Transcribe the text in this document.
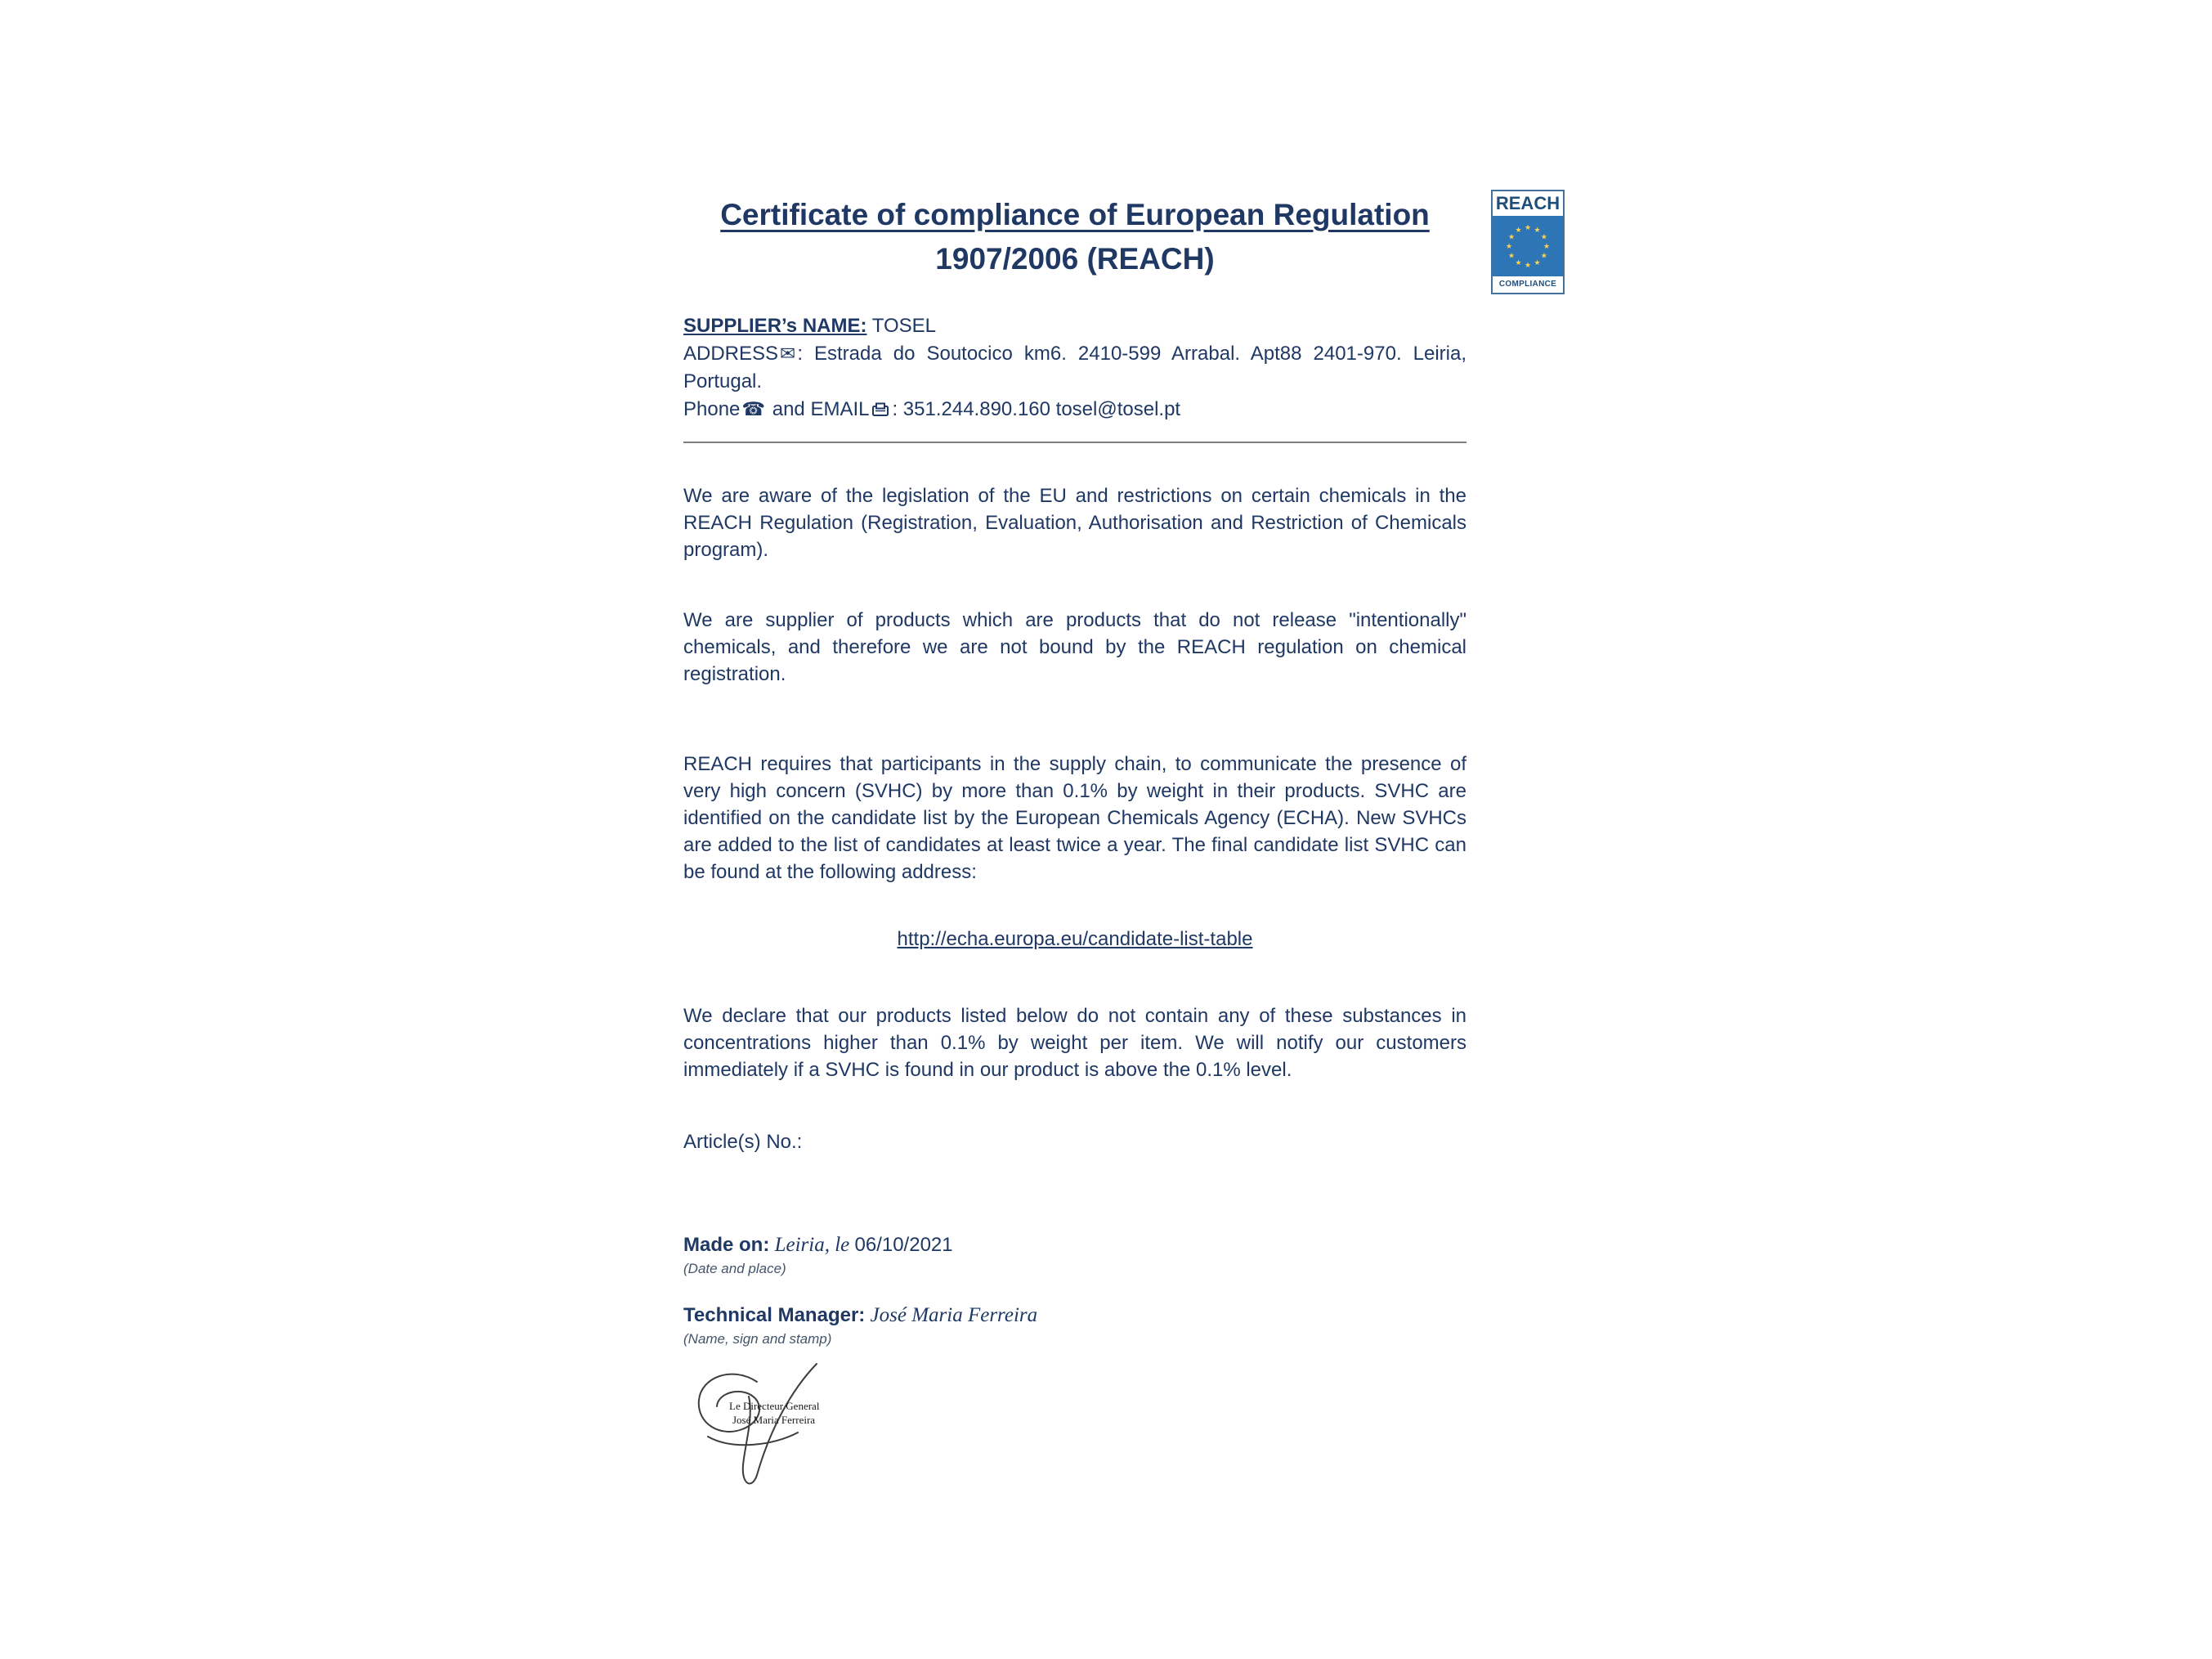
REACH
★
★
★
★
★
★
★
★
★ ★ ★
★
COMPLIANCE
Certificate of compliance of European Regulation
1907/2006 (REACH)

SUPPLIER’s NAME: TOSEL

ADDRESS✉: Estrada do Soutocico km6. 2410-599 Arrabal. Apt88 2401-970. Leiria, Portugal.

Phone☎ and EMAIL : 351.244.890.160 tosel@tosel.pt

We are aware of the legislation of the EU and restrictions on certain chemicals in the REACH Regulation (Registration, Evaluation, Authorisation and Restriction of Chemicals program).

We are supplier of products which are products that do not release "intentionally" chemicals, and therefore we are not bound by the REACH regulation on chemical registration.

REACH requires that participants in the supply chain, to communicate the presence of very high concern (SVHC) by more than 0.1% by weight in their products. SVHC are identified on the candidate list by the European Chemicals Agency (ECHA). New SVHCs are added to the list of candidates at least twice a year. The final candidate list SVHC can be found at the following address:

http://echa.europa.eu/candidate-list-table

We declare that our products listed below do not contain any of these substances in concentrations higher than 0.1% by weight per item. We will notify our customers immediately if a SVHC is found in our product is above the 0.1% level.

Article(s) No.:

Made on: Leiria, le 06/10/2021

(Date and place)

Technical Manager: José Maria Ferreira

(Name, sign and stamp)

Le Directeur General
José Maria Ferreira
